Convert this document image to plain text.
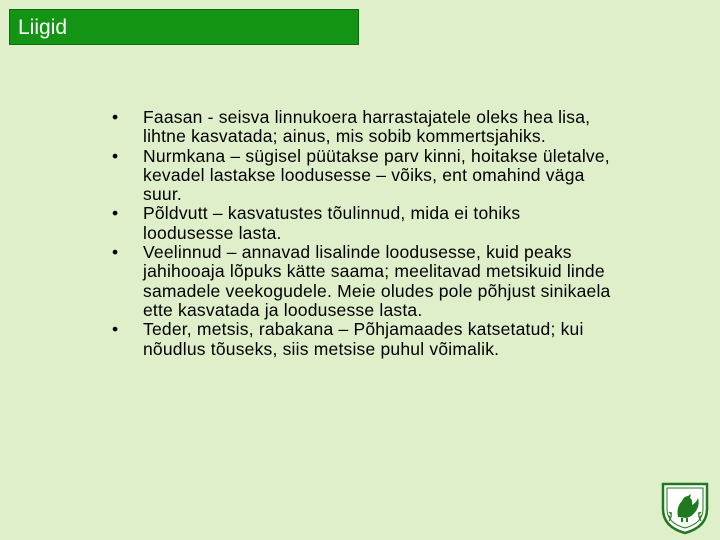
Liigid
• Faasan - seisva linnukoera harrastajatele oleks hea lisa, lihtne kasvatada; ainus, mis sobib kommertsjahiks.
• Nurmkana – sügisel püütakse parv kinni, hoitakse ületalve, kevadel lastakse loodusesse – võiks, ent omahind väga suur.
• Põldvutt – kasvatustes tõulinnud, mida ei tohiks loodusesse lasta.
• Veelinnud – annavad lisalinde loodusesse, kuid peaks jahihooaja lõpuks kätte saama; meelitavad metsikuid linde samadele veekogudele. Meie oludes pole põhjust sinikaela ette kasvatada ja loodusesse lasta.
• Teder, metsis, rabakana – Põhjamaades katsetatud; kui nõudlus tõuseks, siis metsise puhul võimalik.
